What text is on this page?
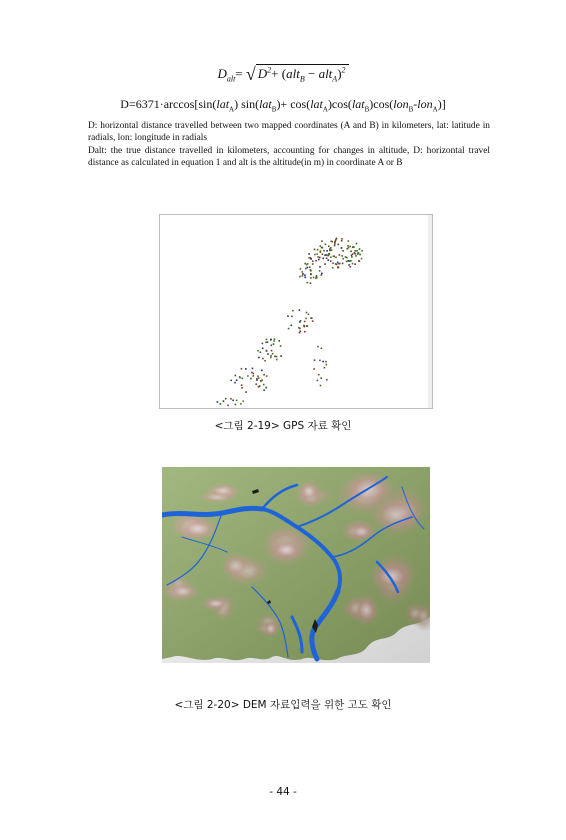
$D_{alt}=$ √ $D^2+ (alt_B - alt_A)^2$
D=6371·arccos[sin(lat$_A$) sin(lat$_B$)+ cos(lat$_A$)cos(lat$_B$)cos(lon$_B$-lon$_A$)]
D: horizontal distance travelled between two mapped coordinates (A and B) in kilometers, lat: latitude in radials, lon: longitude in radials
Dalt: the true distance travelled in kilometers, accounting for changes in altitude, D: horizontal travel distance as calculated in equation 1 and alt is the altitude(in m) in coordinate A or B
<그림 2-19> GPS 자료 확인
<그림 2-20> DEM 자료입력을 위한 고도 확인
- 44 -
